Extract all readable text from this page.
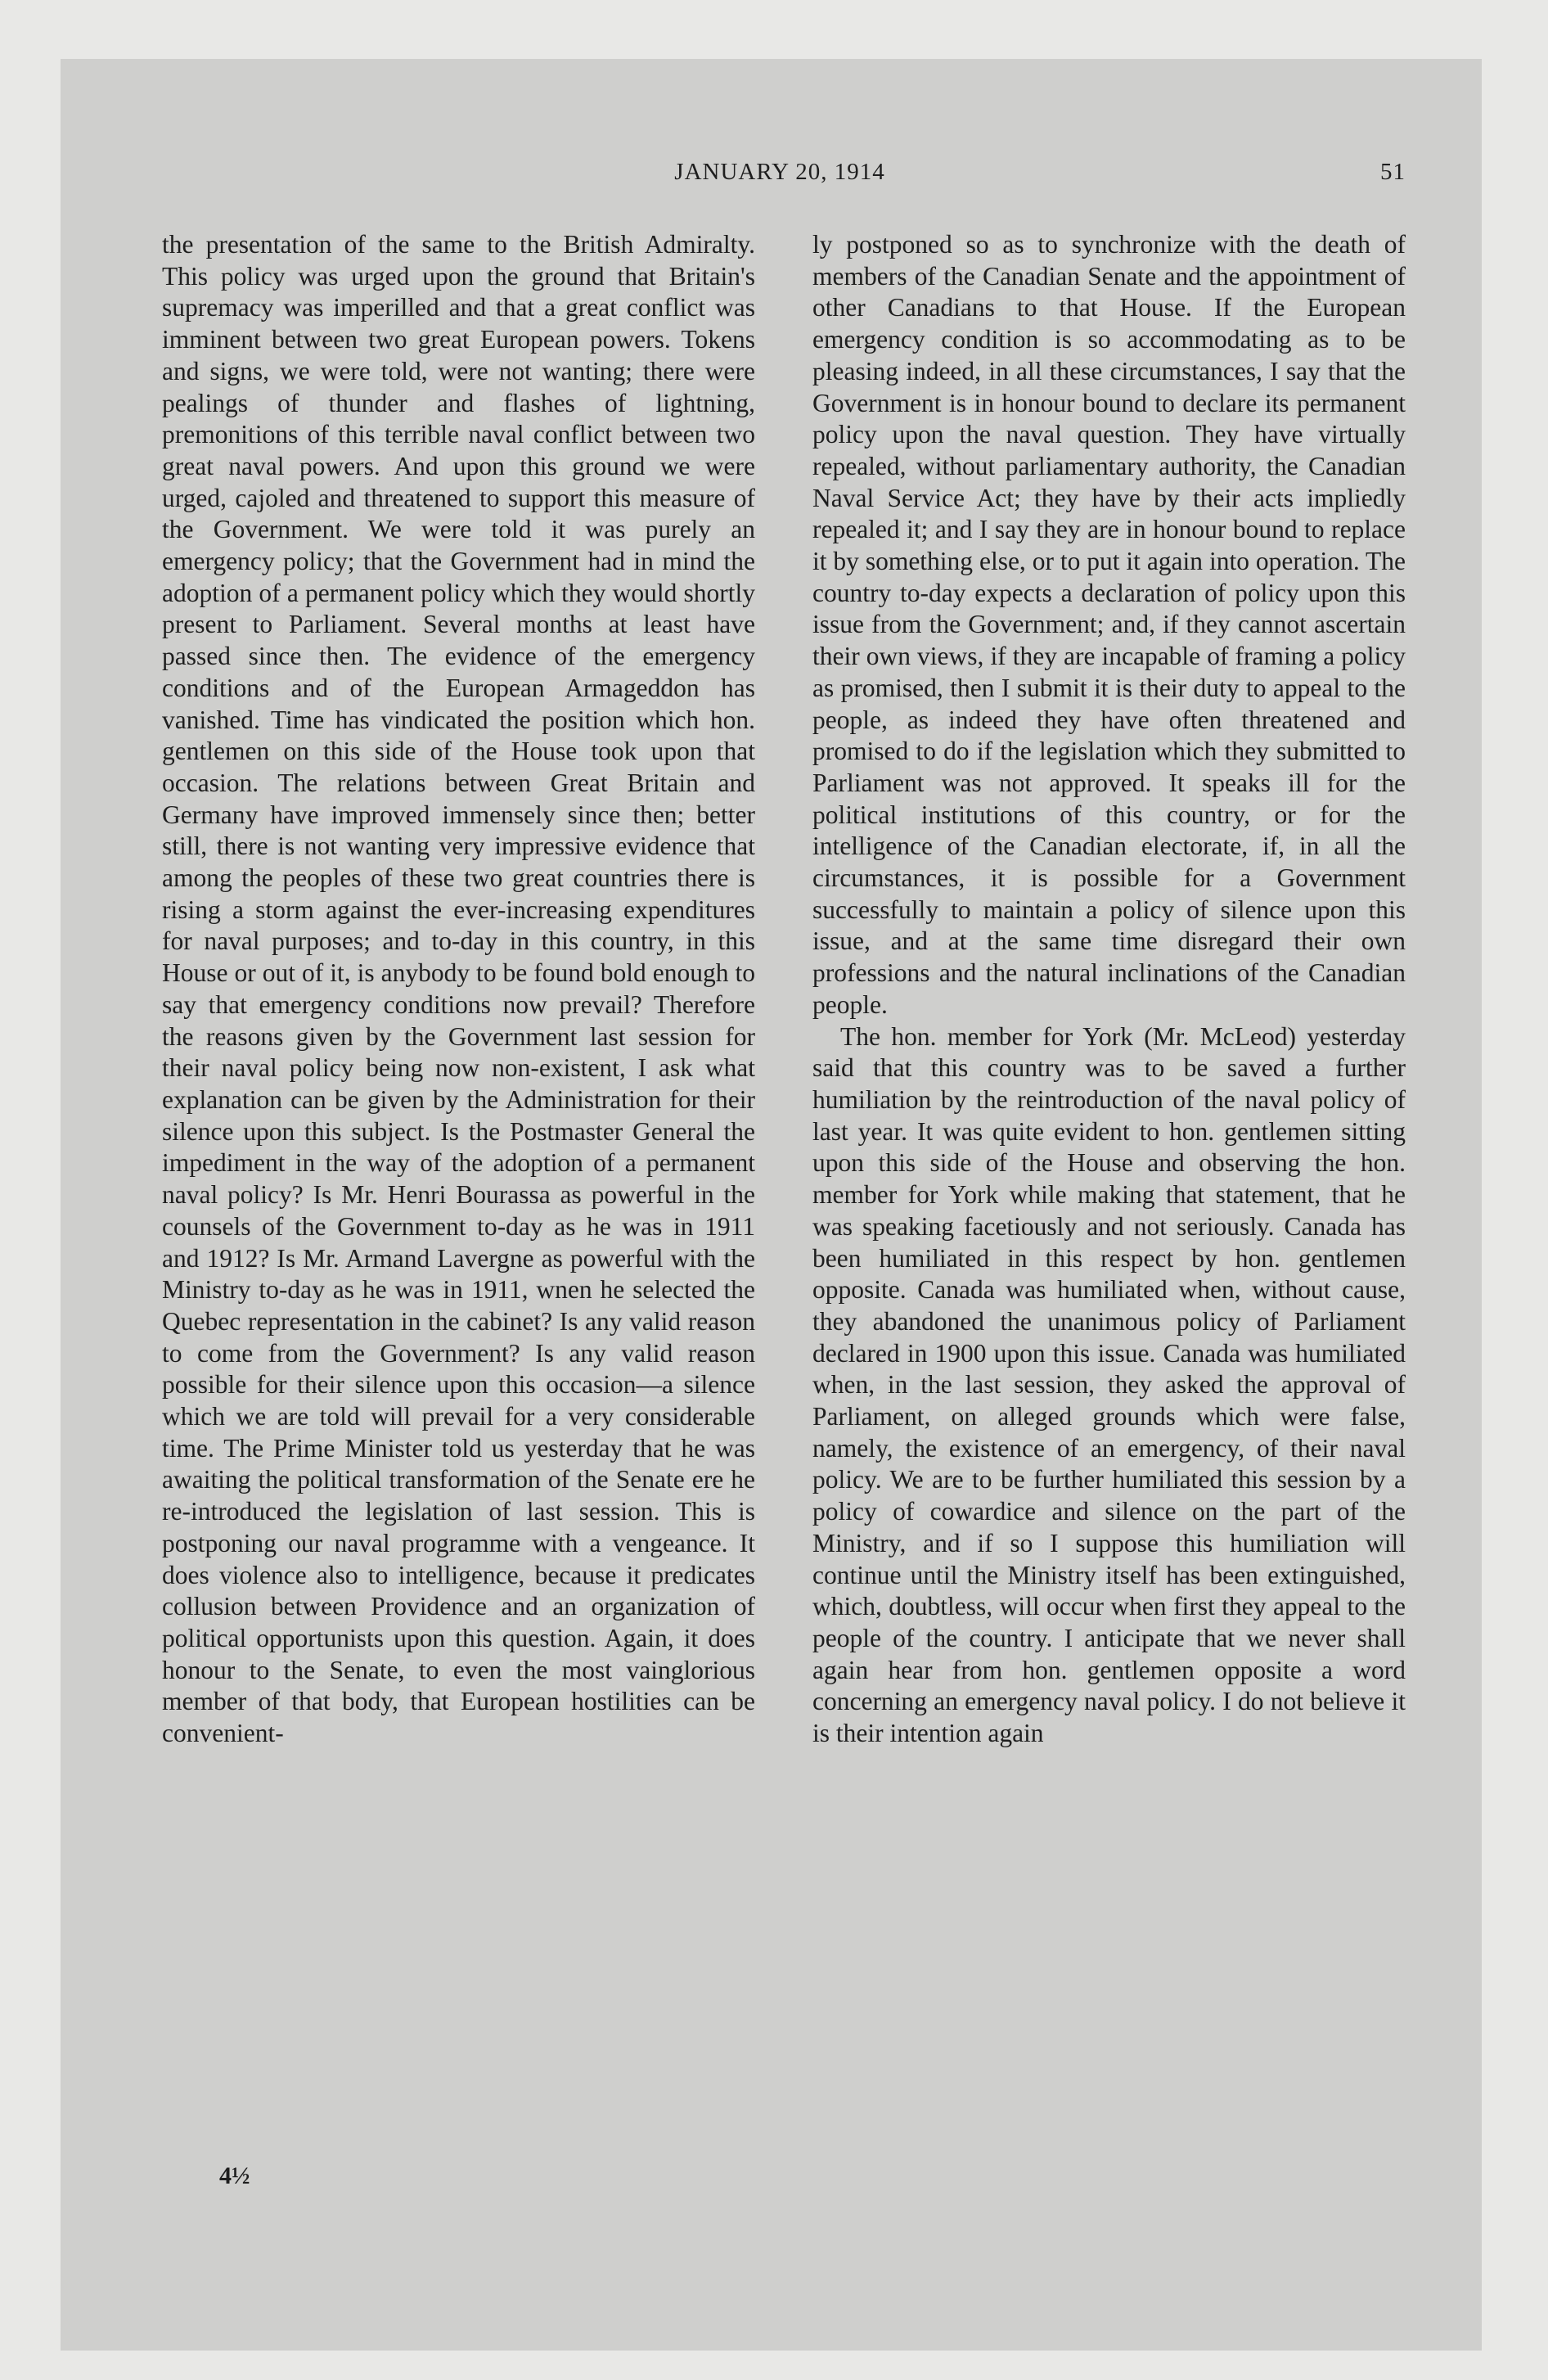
JANUARY 20, 1914	51

the presentation of the same to the British Admiralty. This policy was urged upon the ground that Britain's supremacy was imperilled and that a great conflict was imminent between two great European powers. Tokens and signs, we were told, were not wanting; there were pealings of thunder and flashes of lightning, premonitions of this terrible naval conflict between two great naval powers. And upon this ground we were urged, cajoled and threatened to support this measure of the Government. We were told it was purely an emergency policy; that the Government had in mind the adoption of a permanent policy which they would shortly present to Parliament. Several months at least have passed since then. The evidence of the emergency conditions and of the European Armageddon has vanished. Time has vindicated the position which hon. gentlemen on this side of the House took upon that occasion. The relations between Great Britain and Germany have improved immensely since then; better still, there is not wanting very impressive evidence that among the peoples of these two great countries there is rising a storm against the ever-increasing expenditures for naval purposes; and to-day in this country, in this House or out of it, is anybody to be found bold enough to say that emergency conditions now prevail? Therefore the reasons given by the Government last session for their naval policy being now non-existent, I ask what explanation can be given by the Administration for their silence upon this subject. Is the Postmaster General the impediment in the way of the adoption of a permanent naval policy? Is Mr. Henri Bourassa as powerful in the counsels of the Government to-day as he was in 1911 and 1912? Is Mr. Armand Lavergne as powerful with the Ministry to-day as he was in 1911, wnen he selected the Quebec representation in the cabinet? Is any valid reason to come from the Government? Is any valid reason possible for their silence upon this occasion—a silence which we are told will prevail for a very considerable time. The Prime Minister told us yesterday that he was awaiting the political transformation of the Senate ere he re-introduced the legislation of last session. This is postponing our naval programme with a vengeance. It does violence also to intelligence, because it predicates collusion between Providence and an organization of political opportunists upon this question. Again, it does honour to the Senate, to even the most vainglorious member of that body, that European hostilities can be convenient-

ly postponed so as to synchronize with the death of members of the Canadian Senate and the appointment of other Canadians to that House. If the European emergency condition is so accommodating as to be pleasing indeed, in all these circumstances, I say that the Government is in honour bound to declare its permanent policy upon the naval question. They have virtually repealed, without parliamentary authority, the Canadian Naval Service Act; they have by their acts impliedly repealed it; and I say they are in honour bound to replace it by something else, or to put it again into operation. The country to-day expects a declaration of policy upon this issue from the Government; and, if they cannot ascertain their own views, if they are incapable of framing a policy as promised, then I submit it is their duty to appeal to the people, as indeed they have often threatened and promised to do if the legislation which they submitted to Parliament was not approved. It speaks ill for the political institutions of this country, or for the intelligence of the Canadian electorate, if, in all the circumstances, it is possible for a Government successfully to maintain a policy of silence upon this issue, and at the same time disregard their own professions and the natural inclinations of the Canadian people.

The hon. member for York (Mr. McLeod) yesterday said that this country was to be saved a further humiliation by the reintroduction of the naval policy of last year. It was quite evident to hon. gentlemen sitting upon this side of the House and observing the hon. member for York while making that statement, that he was speaking facetiously and not seriously. Canada has been humiliated in this respect by hon. gentlemen opposite. Canada was humiliated when, without cause, they abandoned the unanimous policy of Parliament declared in 1900 upon this issue. Canada was humiliated when, in the last session, they asked the approval of Parliament, on alleged grounds which were false, namely, the existence of an emergency, of their naval policy. We are to be further humiliated this session by a policy of cowardice and silence on the part of the Ministry, and if so I suppose this humiliation will continue until the Ministry itself has been extinguished, which, doubtless, will occur when first they appeal to the people of the country. I anticipate that we never shall again hear from hon. gentlemen opposite a word concerning an emergency naval policy. I do not believe it is their intention again

4½
